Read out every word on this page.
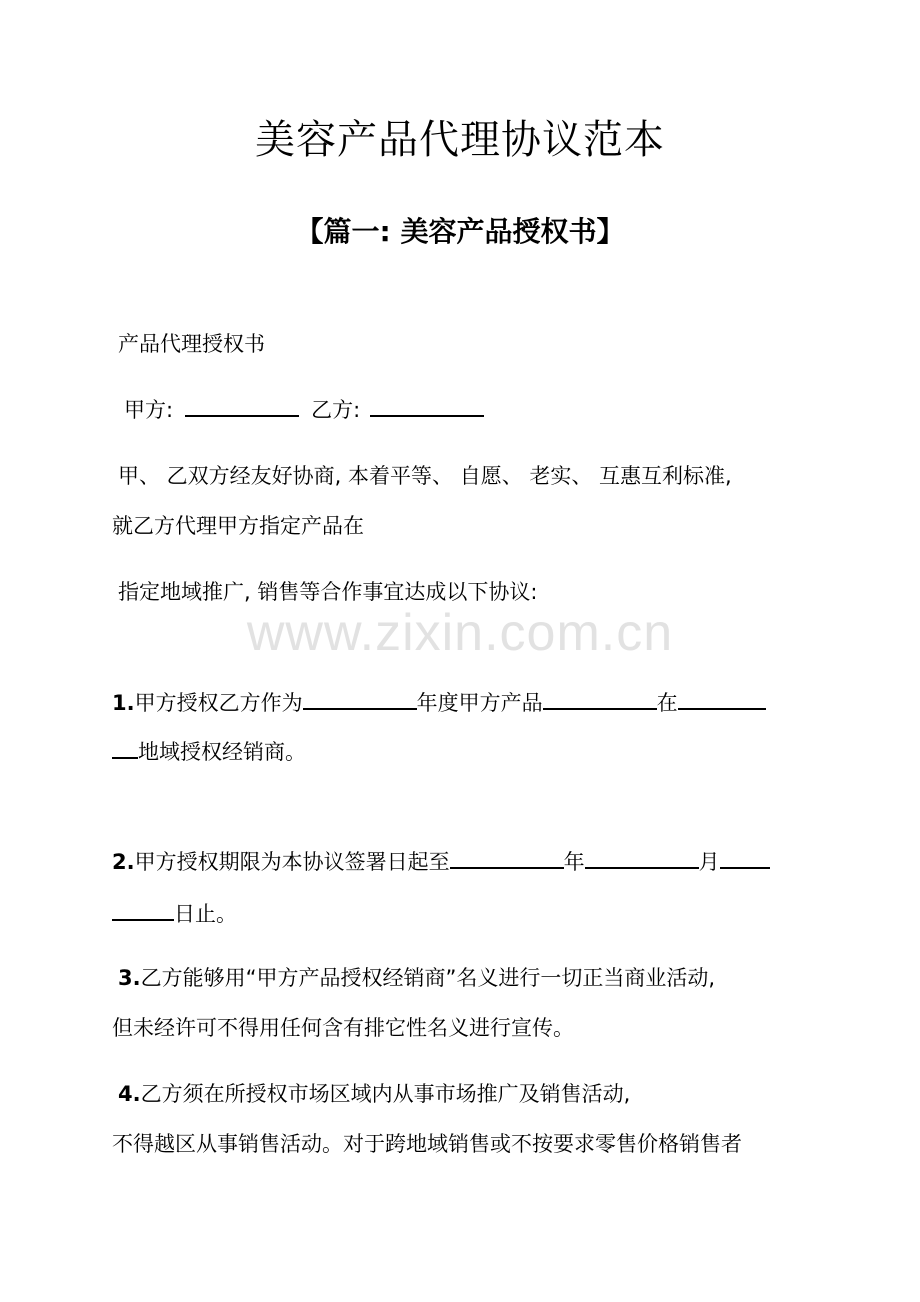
www.zixin.com.cn
美容产品代理协议范本
【篇一: 美容产品授权书】

产品代理授权书

甲方:	乙方:

甲、 乙双方经友好协商, 本着平等、 自愿、 老实、 互惠互利标准,

就乙方代理甲方指定产品在

指定地域推广, 销售等合作事宜达成以下协议:

1.甲方授权乙方作为	年度甲方产品	在

地域授权经销商。

2.甲方授权期限为本协议签署日起至	年	月

日止。

3.乙方能够用“甲方产品授权经销商”名义进行一切正当商业活动,

但未经许可不得用任何含有排它性名义进行宣传。

4.乙方须在所授权市场区域内从事市场推广及销售活动,

不得越区从事销售活动。对于跨地域销售或不按要求零售价格销售者
